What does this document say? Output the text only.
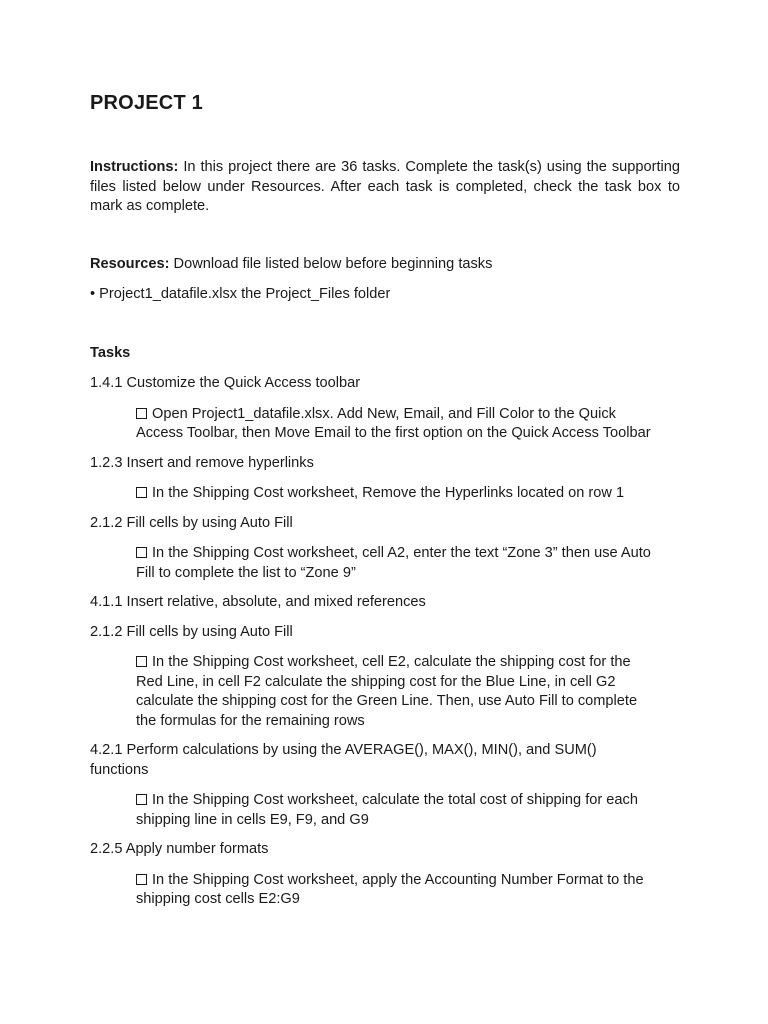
PROJECT 1

Instructions: In this project there are 36 tasks. Complete the task(s) using the supporting files listed below under Resources. After each task is completed, check the task box to mark as complete.

Resources: Download file listed below before beginning tasks

• Project1_datafile.xlsx the Project_Files folder

Tasks

1.4.1 Customize the Quick Access toolbar

Open Project1_datafile.xlsx. Add New, Email, and Fill Color to the Quick
Access Toolbar, then Move Email to the first option on the Quick Access Toolbar

1.2.3 Insert and remove hyperlinks

In the Shipping Cost worksheet, Remove the Hyperlinks located on row 1

2.1.2 Fill cells by using Auto Fill

In the Shipping Cost worksheet, cell A2, enter the text “Zone 3” then use Auto
Fill to complete the list to “Zone 9”

4.1.1 Insert relative, absolute, and mixed references

2.1.2 Fill cells by using Auto Fill

In the Shipping Cost worksheet, cell E2, calculate the shipping cost for the
Red Line, in cell F2 calculate the shipping cost for the Blue Line, in cell G2
calculate the shipping cost for the Green Line. Then, use Auto Fill to complete
the formulas for the remaining rows

4.2.1 Perform calculations by using the AVERAGE(), MAX(), MIN(), and SUM()

functions

In the Shipping Cost worksheet, calculate the total cost of shipping for each
shipping line in cells E9, F9, and G9

2.2.5 Apply number formats

In the Shipping Cost worksheet, apply the Accounting Number Format to the
shipping cost cells E2:G9
